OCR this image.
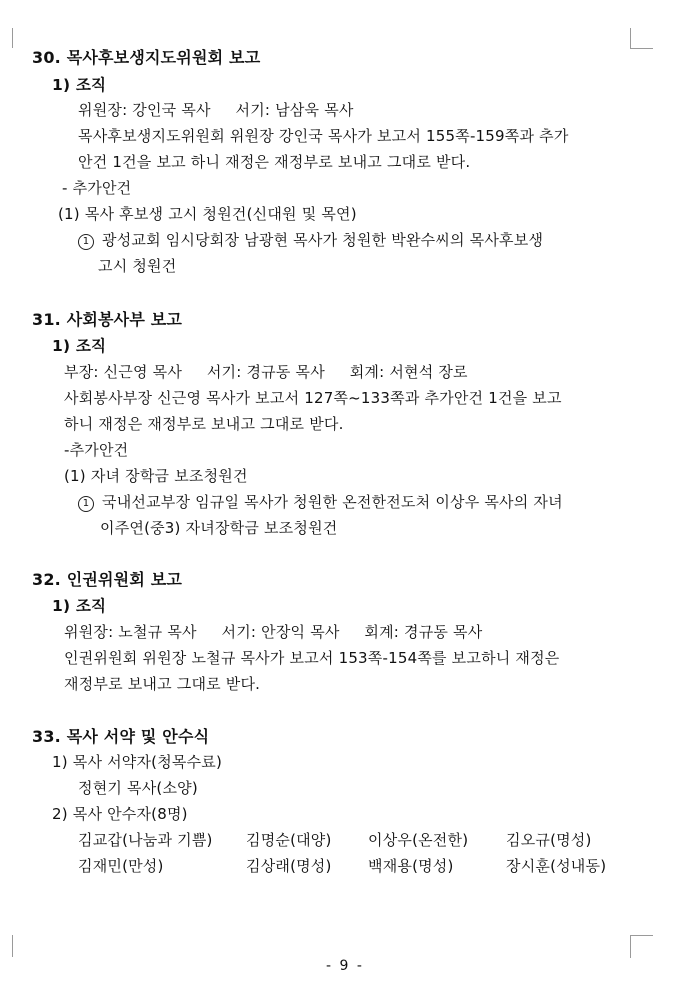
30. 목사후보생지도위원회 보고
1) 조직
위원장: 강인국 목사     서기: 남삼욱 목사
목사후보생지도위원회 위원장 강인국 목사가 보고서 155쪽-159쪽과 추가
안건 1건을 보고 하니 재정은 재정부로 보내고 그대로 받다.
- 추가안건
(1) 목사 후보생 고시 청원건(신대원 및 목연)
1 광성교회 임시당회장 남광현 목사가 청원한 박완수씨의 목사후보생
고시 청원건
31. 사회봉사부 보고
1) 조직
부장: 신근영 목사     서기: 경규동 목사     회계: 서현석 장로
사회봉사부장 신근영 목사가 보고서 127쪽~133쪽과 추가안건 1건을 보고
하니 재정은 재정부로 보내고 그대로 받다.
-추가안건
(1) 자녀 장학금 보조청원건
1 국내선교부장 임규일 목사가 청원한 온전한전도처 이상우 목사의 자녀
이주연(중3) 자녀장학금 보조청원건
32. 인권위원회 보고
1) 조직
위원장: 노철규 목사     서기: 안장익 목사     회계: 경규동 목사
인권위원회 위원장 노철규 목사가 보고서 153쪽-154쪽를 보고하니 재정은
재정부로 보내고 그대로 받다.
33. 목사 서약 및 안수식
1) 목사 서약자(청목수료)
정현기 목사(소양)
2) 목사 안수자(8명)
김교갑(나눔과 기쁨) 김명순(대양) 이상우(온전한)	김오규(명성)
김재민(만성)	김상래(명성) 백재용(명성)	장시훈(성내동)
- 9 -
